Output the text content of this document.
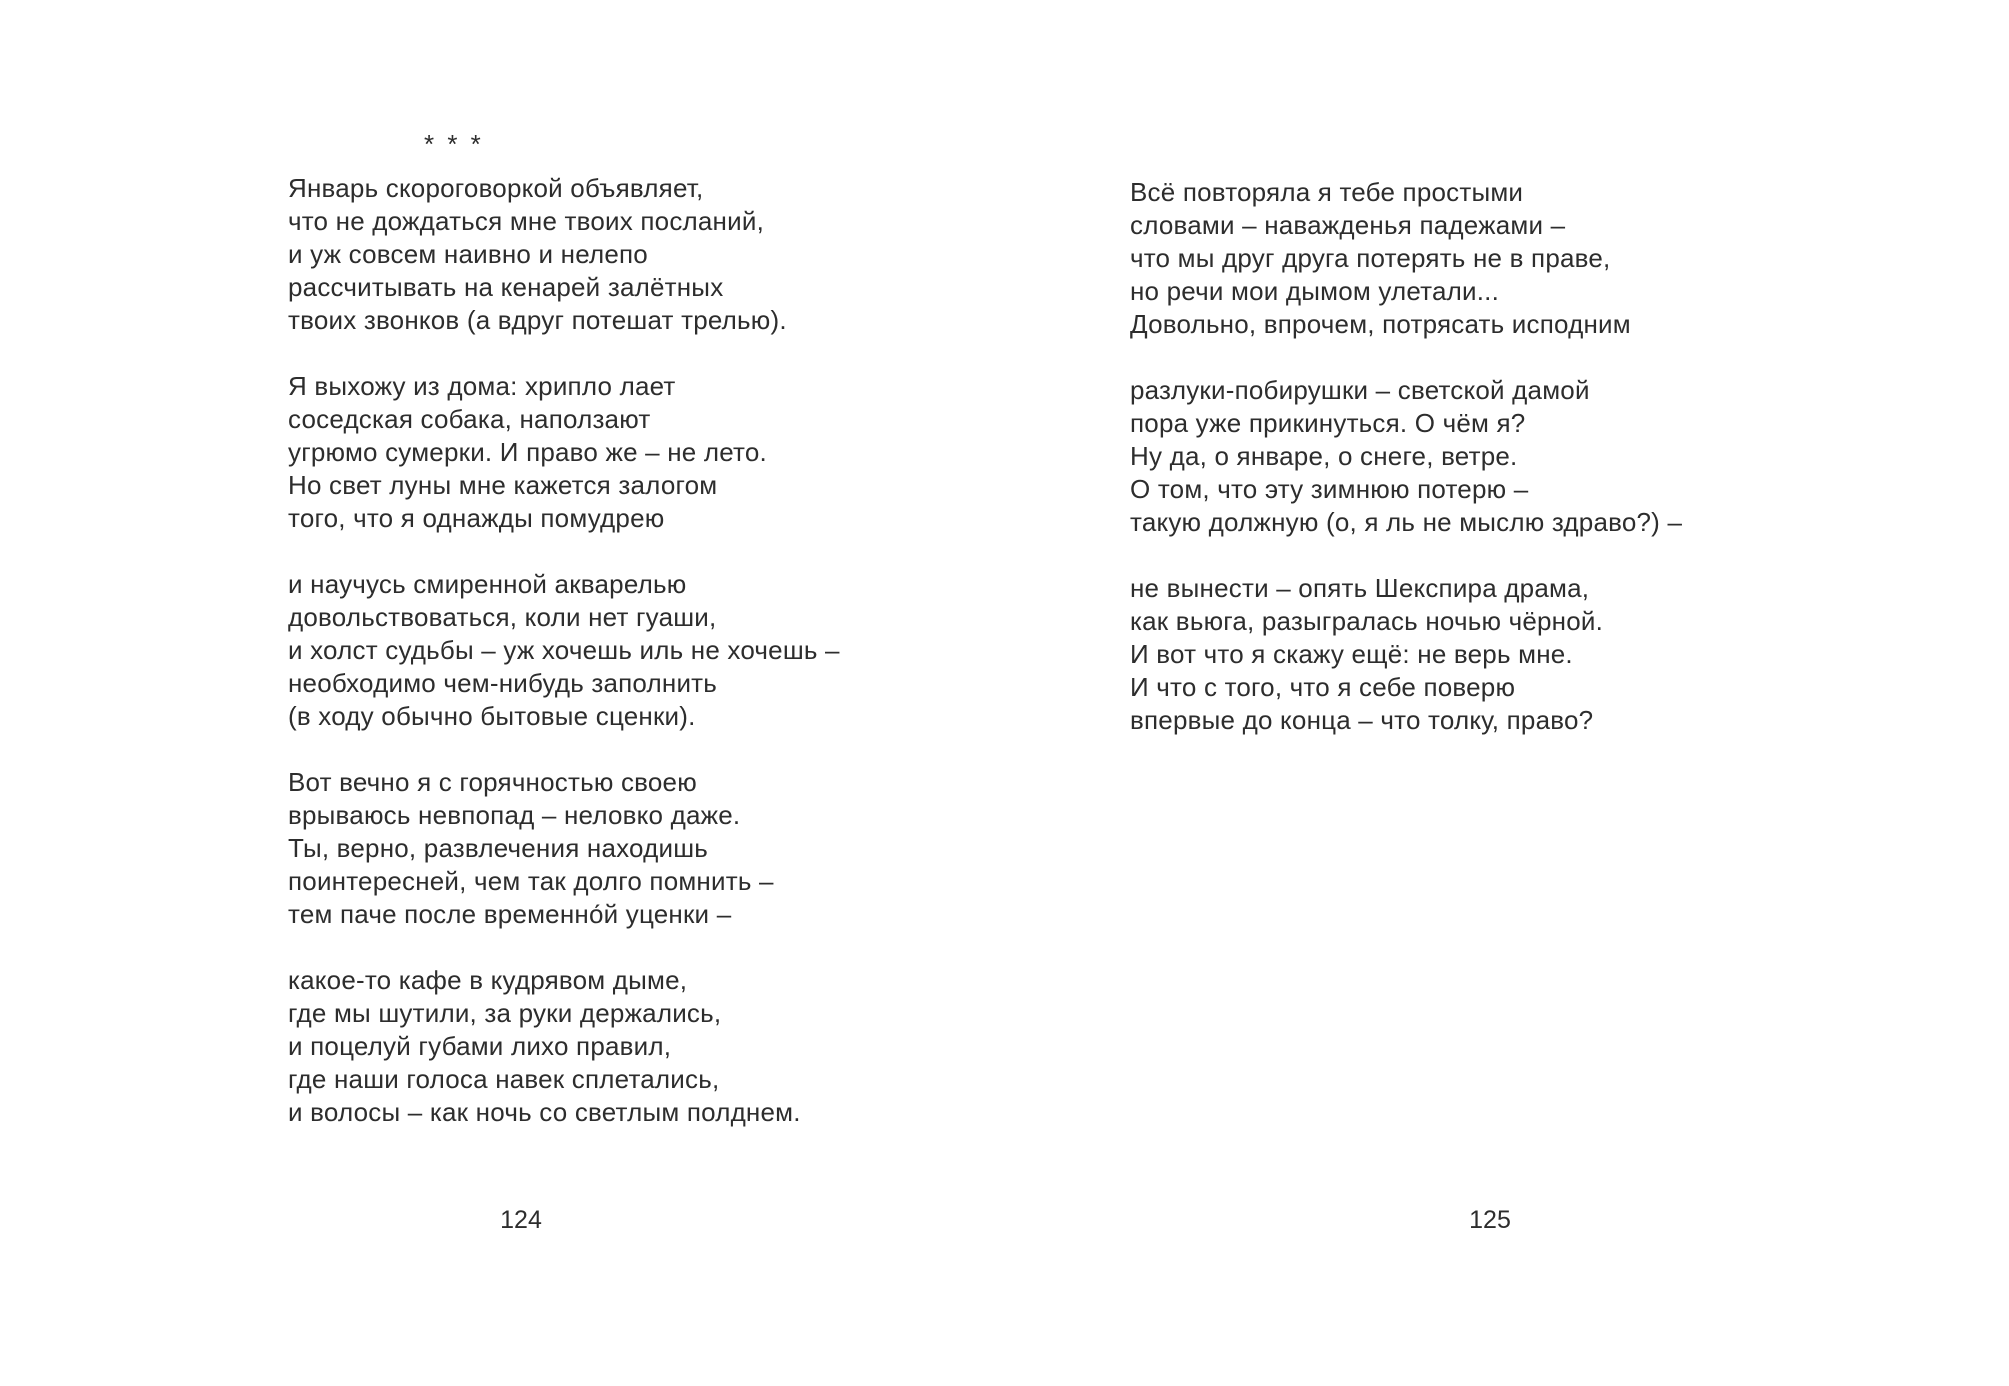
* * *
Январь скороговоркой объявляет,
что не дождаться мне твоих посланий,
и уж совсем наивно и нелепо
рассчитывать на кенарей залётных
твоих звонков (а вдруг потешат трелью).
Я выхожу из дома: хрипло лает
соседская собака, наползают
угрюмо сумерки. И право же – не лето.
Но свет луны мне кажется залогом
того, что я однажды помудрею
и научусь смиренной акварелью
довольствоваться, коли нет гуаши,
и холст судьбы – уж хочешь иль не хочешь –
необходимо чем-нибудь заполнить
(в ходу обычно бытовые сценки).
Вот вечно я с горячностью своею
врываюсь невпопад – неловко даже.
Ты, верно, развлечения находишь
поинтересней, чем так долго помнить –
тем паче после временно́й уценки –
какое-то кафе в кудрявом дыме,
где мы шутили, за руки держались,
и поцелуй губами лихо правил,
где наши голоса навек сплетались,
и волосы – как ночь со светлым полднем.
Всё повторяла я тебе простыми
словами – наважденья падежами –
что мы друг друга потерять не в праве,
но речи мои дымом улетали...
Довольно, впрочем, потрясать исподним
разлуки-побирушки – светской дамой
пора уже прикинуться. О чём я?
Ну да, о январе, о снеге, ветре.
О том, что эту зимнюю потерю –
такую должную (о, я ль не мыслю здраво?) –
не вынести – опять Шекспира драма,
как вьюга, разыгралась ночью чёрной.
И вот что я скажу ещё: не верь мне.
И что с того, что я себе поверю
впервые до конца – что толку, право?
124	125
